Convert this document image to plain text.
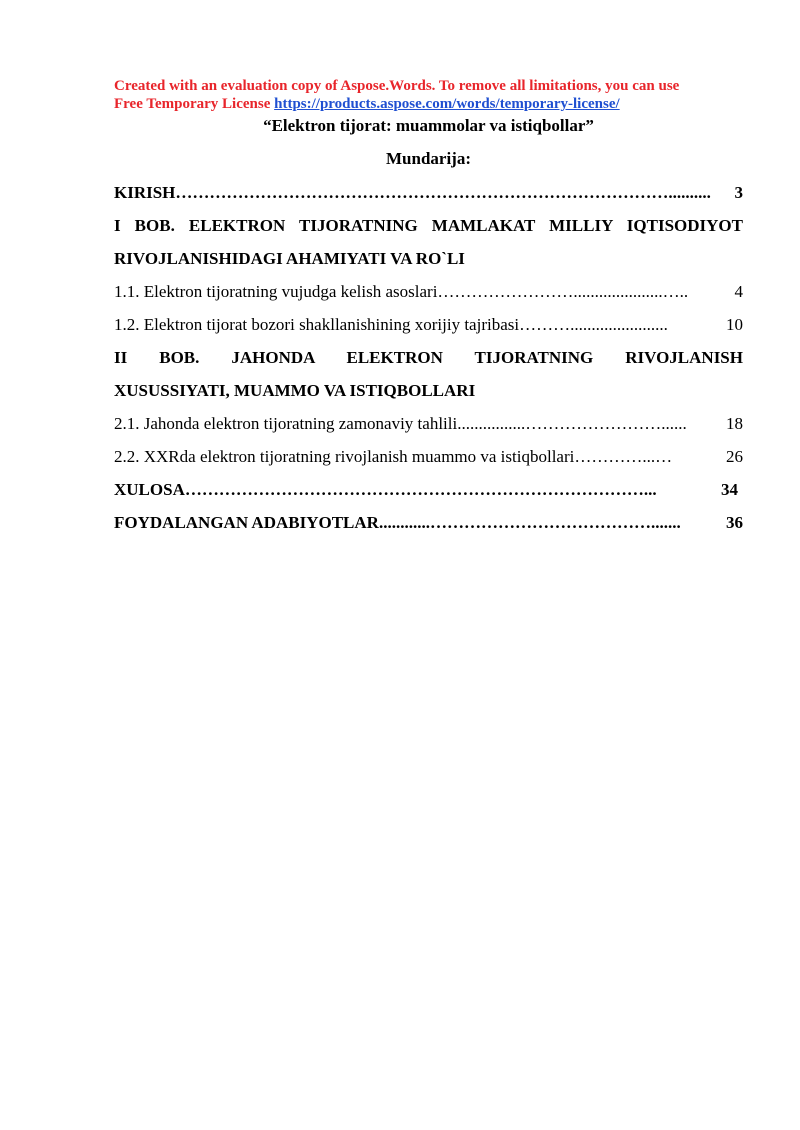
Created with an evaluation copy of Aspose.Words. To remove all limitations, you can use
Free Temporary License https://products.aspose.com/words/temporary-license/
“Elektron tijorat: muammolar va istiqbollar”
Mundarija:
KIRISH ……………………………………………………………………………..........	3
I BOB. ELEKTRON TIJORATNING MAMLAKAT MILLIY IQTISODIYOT
RIVOJLANISHIDAGI AHAMIYATI VA RO`LI
1.1. Elektron tijoratning vujudga kelish asoslari …………………….....................…..	4
1.2. Elektron tijorat bozori shakllanishining xorijiy tajribasi ……….......................	10
II BOB. JAHONDA ELEKTRON TIJORATNING RIVOJLANISH
XUSUSSIYATI, MUAMMO VA ISTIQBOLLARI
2.1. Jahonda elektron tijoratning zamonaviy tahlili ................……………………......	18
2.2. XXRda elektron tijoratning rivojlanish muammo va istiqbollari …………...…	26
XULOSA ………………………………………………………………………...	34
FOYDALANGAN ADABIYOTLAR ............………………………………….......	36
